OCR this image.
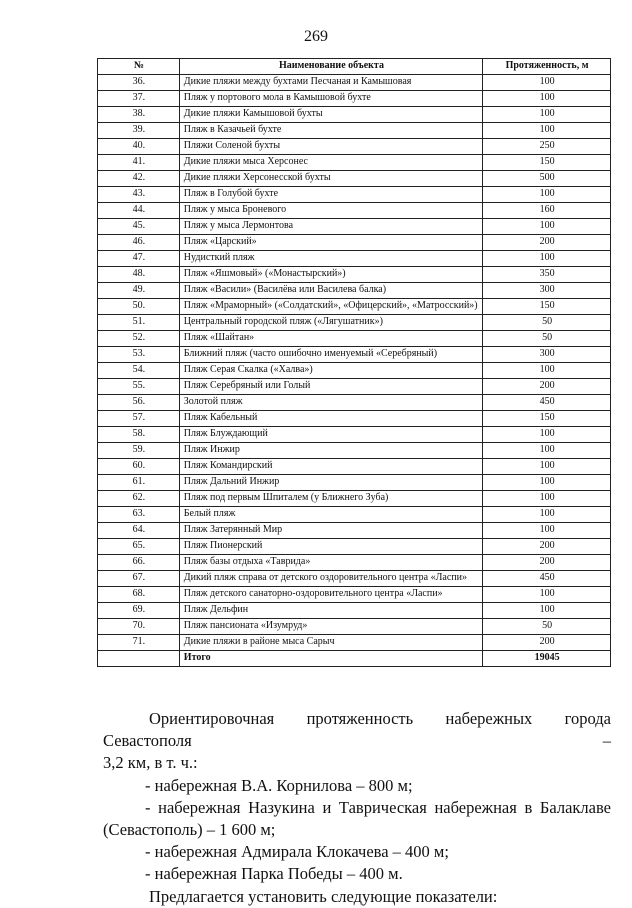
269
№	Наименование объекта	Протяженность, м
36.	Дикие пляжи между бухтами Песчаная и Камышовая	100
37.	Пляж у портового мола в Камышовой бухте	100
38.	Дикие пляжи Камышовой бухты	100
39.	Пляж в Казачьей бухте	100
40.	Пляжи Соленой бухты	250
41.	Дикие пляжи мыса Херсонес	150
42.	Дикие пляжи Херсонесской бухты	500
43.	Пляж в Голубой бухте	100
44.	Пляж у мыса Броневого	160
45.	Пляж у мыса Лермонтова	100
46.	Пляж «Царский»	200
47.	Нудисткий пляж	100
48.	Пляж «Яшмовый» («Монастырский»)	350
49.	Пляж «Васили» (Василёва или Василева балка)	300
50.	Пляж «Мраморный» («Солдатский», «Офицерский», «Матросский»)	150
51.	Центральный городской пляж («Лягушатник»)	50
52.	Пляж «Шайтан»	50
53.	Ближний пляж (часто ошибочно именуемый «Серебряный)	300
54.	Пляж Серая Скалка («Халва»)	100
55.	Пляж Серебряный или Голый	200
56.	Золотой пляж	450
57.	Пляж Кабельный	150
58.	Пляж Блуждающий	100
59.	Пляж Инжир	100
60.	Пляж Командирский	100
61.	Пляж Дальний Инжир	100
62.	Пляж под первым Шпиталем (у Ближнего Зуба)	100
63.	Белый пляж	100
64.	Пляж Затерянный Мир	100
65.	Пляж Пионерский	200
66.	Пляж базы отдыха «Таврида»	200
67.	Дикий пляж справа от детского оздоровительного центра «Ласпи»	450
68.	Пляж детского санаторно-оздоровительного центра «Ласпи»	100
69.	Пляж Дельфин	100
70.	Пляж пансионата «Изумруд»	50
71.	Дикие пляжи в районе мыса Сарыч	200
	Итого	19045

Ориентировочная протяженность набережных города Севастополя –

3,2 км, в т. ч.:

- набережная В.А. Корнилова – 800 м;

- набережная Назукина и Таврическая набережная в Балаклаве

(Севастополь) – 1 600 м;

- набережная Адмирала Клокачева – 400 м;

- набережная Парка Победы – 400 м.

Предлагается установить следующие показатели:
